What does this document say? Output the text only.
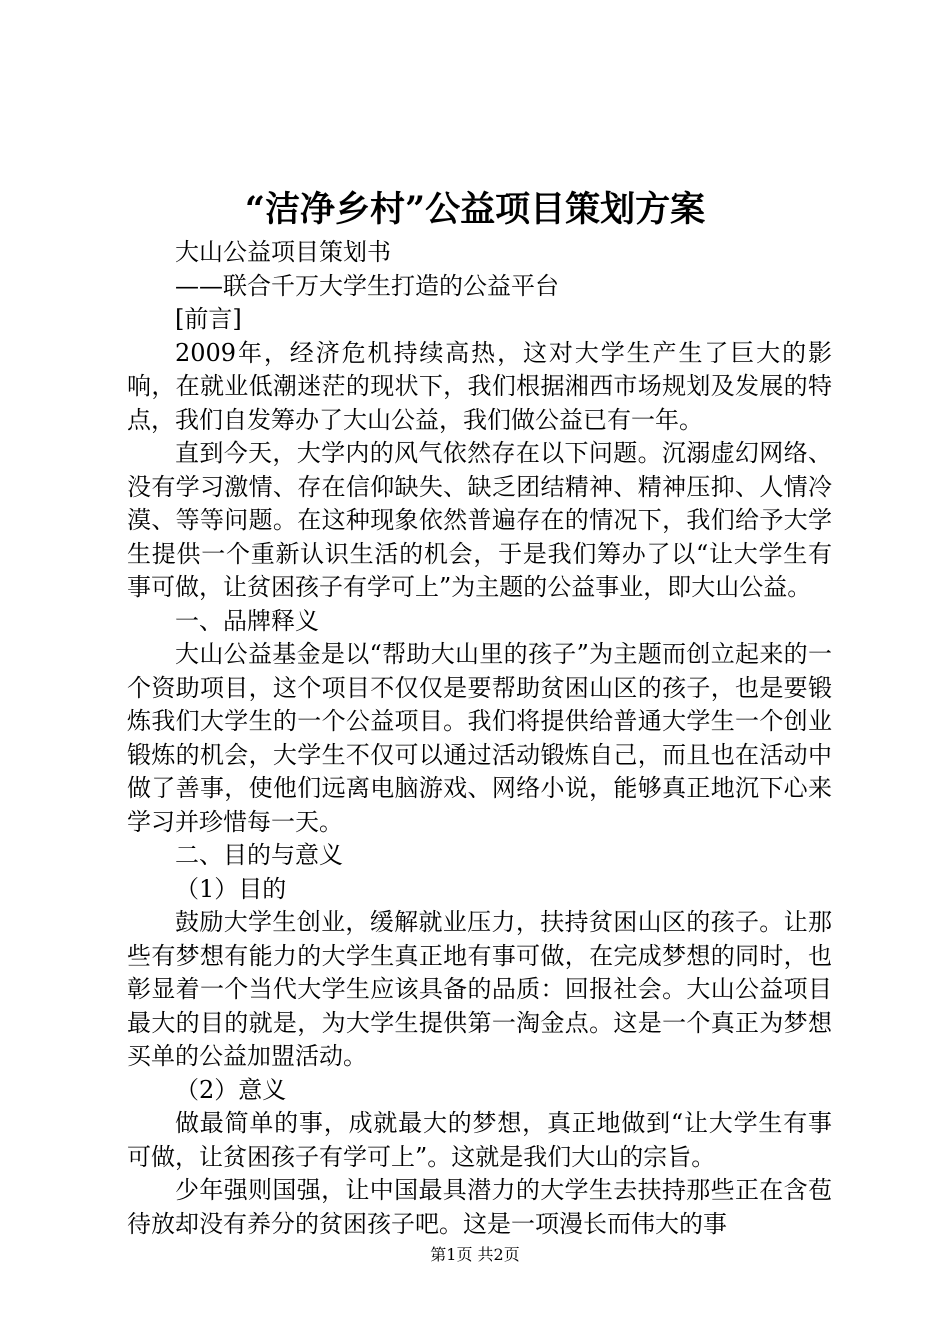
“洁净乡村”公益项目策划方案

大山公益项目策划书

——联合千万大学生打造的公益平台

[前言]

2009年，经济危机持续高热，这对大学生产生了巨大的影响，在就业低潮迷茫的现状下，我们根据湘西市场规划及发展的特点，我们自发筹办了大山公益，我们做公益已有一年。

直到今天，大学内的风气依然存在以下问题。沉溺虚幻网络、没有学习激情、存在信仰缺失、缺乏团结精神、精神压抑、人情冷漠、等等问题。在这种现象依然普遍存在的情况下，我们给予大学生提供一个重新认识生活的机会，于是我们筹办了以“让大学生有事可做，让贫困孩子有学可上”为主题的公益事业，即大山公益。

一、品牌释义

大山公益基金是以“帮助大山里的孩子”为主题而创立起来的一个资助项目，这个项目不仅仅是要帮助贫困山区的孩子，也是要锻炼我们大学生的一个公益项目。我们将提供给普通大学生一个创业锻炼的机会，大学生不仅可以通过活动锻炼自己，而且也在活动中做了善事，使他们远离电脑游戏、网络小说，能够真正地沉下心来学习并珍惜每一天。

二、目的与意义

（1）目的

鼓励大学生创业，缓解就业压力，扶持贫困山区的孩子。让那些有梦想有能力的大学生真正地有事可做，在完成梦想的同时，也彰显着一个当代大学生应该具备的品质：回报社会。大山公益项目最大的目的就是，为大学生提供第一淘金点。这是一个真正为梦想买单的公益加盟活动。

（2）意义

做最简单的事，成就最大的梦想，真正地做到“让大学生有事可做，让贫困孩子有学可上”。这就是我们大山的宗旨。

少年强则国强，让中国最具潜力的大学生去扶持那些正在含苞待放却没有养分的贫困孩子吧。这是一项漫长而伟大的事

第1页 共2页
